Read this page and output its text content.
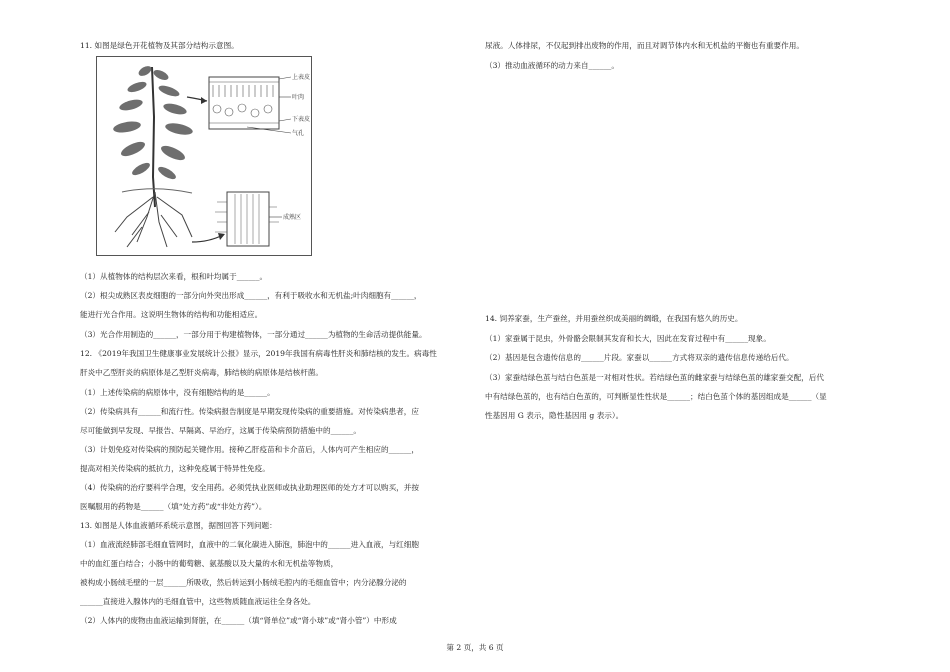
11. 如图是绿色开花植物及其部分结构示意图。
上表皮
叶肉
下表皮
气孔
成熟区
（1）从植物体的结构层次来看，根和叶均属于______。
（2）根尖成熟区表皮细胞的一部分向外突出形成______，有利于吸收水和无机盐;叶肉细胞有______，
能进行光合作用。这说明生物体的结构和功能相适应。
（3）光合作用制造的______，一部分用于构建植物体，一部分通过______为植物的生命活动提供能量。
12. 《2019年我国卫生健康事业发展统计公报》显示，2019年我国有病毒性肝炎和肺结核的发生。病毒性
肝炎中乙型肝炎的病原体是乙型肝炎病毒，肺结核的病原体是结核杆菌。
（1）上述传染病的病原体中，没有细胞结构的是______。
（2）传染病具有______和流行性。传染病报告制度是早期发现传染病的重要措施。对传染病患者，应
尽可能做到早发现、早报告、早隔离、早治疗，这属于传染病预防措施中的______。
（3）计划免疫对传染病的预防起关键作用。接种乙肝疫苗和卡介苗后，人体内可产生相应的______，
提高对相关传染病的抵抗力，这种免疫属于特异性免疫。
（4）传染病的治疗要科学合理，安全用药。必须凭执业医师或执业助理医师的处方才可以购买，并按
医嘱服用的药物是______（填“处方药”或“非处方药”）。
13. 如图是人体血液循环系统示意图，据图回答下列问题：
（1）血液流经肺部毛细血管网时，血液中的二氧化碳进入肺泡，肺泡中的______进入血液，与红细胞
中的血红蛋白结合；小肠中的葡萄糖、氨基酸以及大量的水和无机盐等物质，
被构成小肠绒毛壁的一层______所吸收，然后转运到小肠绒毛腔内的毛细血管中；内分泌腺分泌的
______直接进入腺体内的毛细血管中，这些物质随血液运往全身各处。
（2）人体内的废物由血液运输到肾脏，在______（填“肾单位”或“肾小球”或“肾小管”）中形成
尿液。人体排尿，不仅起到排出废物的作用，而且对调节体内水和无机盐的平衡也有重要作用。
（3）推动血液循环的动力来自______。
14. 饲养家蚕，生产蚕丝，并用蚕丝织成美丽的绸缎，在我国有悠久的历史。
（1）家蚕属于昆虫，外骨骼会限制其发育和长大，因此在发育过程中有______现象。
（2）基因是包含遗传信息的______片段。家蚕以______方式将双亲的遗传信息传递给后代。
（3）家蚕结绿色茧与结白色茧是一对相对性状。若结绿色茧的雌家蚕与结绿色茧的雄家蚕交配，后代
中有结绿色茧的，也有结白色茧的，可判断显性性状是______；结白色茧个体的基因组成是______（显
性基因用 G 表示，隐性基因用 g 表示）。
第 2 页，共 6 页
